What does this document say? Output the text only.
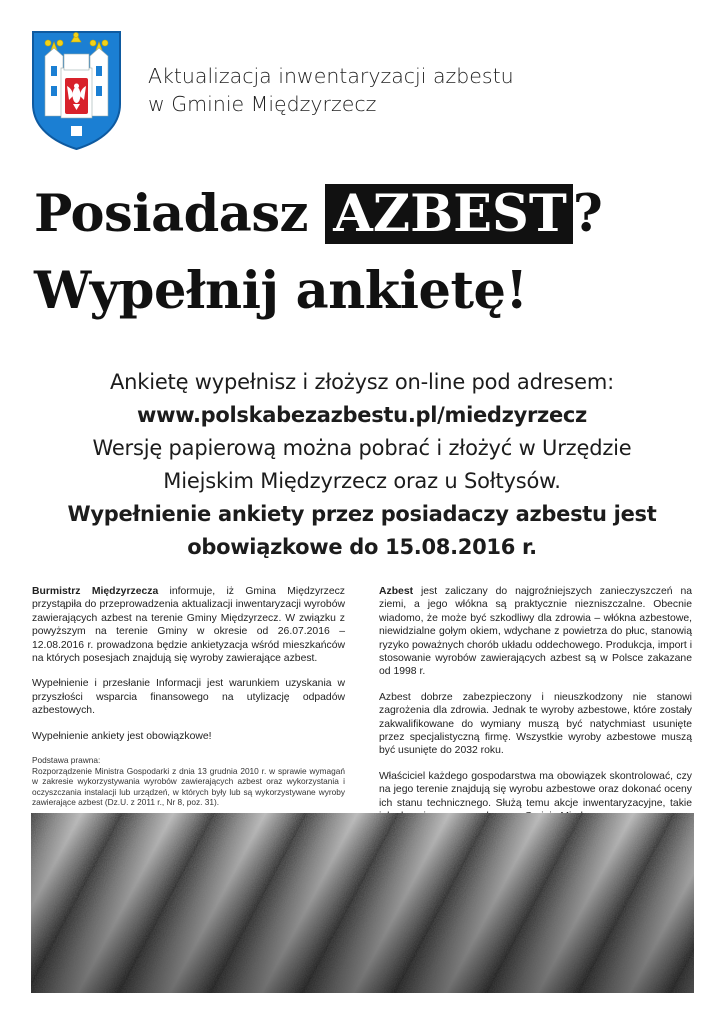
Aktualizacja inwentaryzacji azbestu
w Gminie Międzyrzecz
Posiadasz AZBEST ?
Wypełnij ankietę!
Ankietę wypełnisz i złożysz on-line pod adresem:
www.polskabezazbestu.pl/miedzyrzecz
Wersję papierową można pobrać i złożyć w Urzędzie
Miejskim Międzyrzecz oraz u Sołtysów.
Wypełnienie ankiety przez posiadaczy azbestu jest
obowiązkowe do 15.08.2016 r.

Burmistrz Międzyrzecza informuje, iż Gmina Międzyrzecz przystąpiła do przeprowadzenia aktualizacji inwentaryzacji wyrobów zawierających azbest na terenie Gminy Międzyrzecz. W związku z powyższym na terenie Gminy w okresie od 26.07.2016 – 12.08.2016 r. prowadzona będzie ankietyzacja wśród mieszkańców na których posesjach znajdują się wyroby zawierające azbest.

Wypełnienie i przesłanie Informacji jest warunkiem uzyskania w przyszłości wsparcia finansowego na utylizację odpadów azbestowych.

Wypełnienie ankiety jest obowiązkowe!

Podstawa prawna:

Rozporządzenie Ministra Gospodarki z dnia 13 grudnia 2010 r. w sprawie wymagań w zakresie wykorzystywania wyrobów zawierających azbest oraz wykorzystania i oczyszczania instalacji lub urządzeń, w których były lub są wykorzystywane wyroby zawierające azbest (Dz.U. z 2011 r., Nr 8, poz. 31).

Azbest jest zaliczany do najgroźniejszych zanieczyszczeń na ziemi, a jego włókna są praktycznie niezniszczalne. Obecnie wiadomo, że może być szkodliwy dla zdrowia – włókna azbestowe, niewidzialne gołym okiem, wdychane z powietrza do płuc, stanowią ryzyko poważnych chorób układu oddechowego. Produkcja, import i stosowanie wyrobów zawierających azbest są w Polsce zakazane od 1998 r.

Azbest dobrze zabezpieczony i nieuszkodzony nie stanowi zagrożenia dla zdrowia. Jednak te wyroby azbestowe, które zostały zakwalifikowane do wymiany muszą być natychmiast usunięte przez specjalistyczną firmę. Wszystkie wyroby azbestowe muszą być usunięte do 2032 roku.

Właściciel każdego gospodarstwa ma obowiązek skontrolować, czy na jego terenie znajdują się wyrobu azbestowe oraz dokonać oceny ich stanu technicznego. Służą temu akcje inwentaryzacyjne, takie
